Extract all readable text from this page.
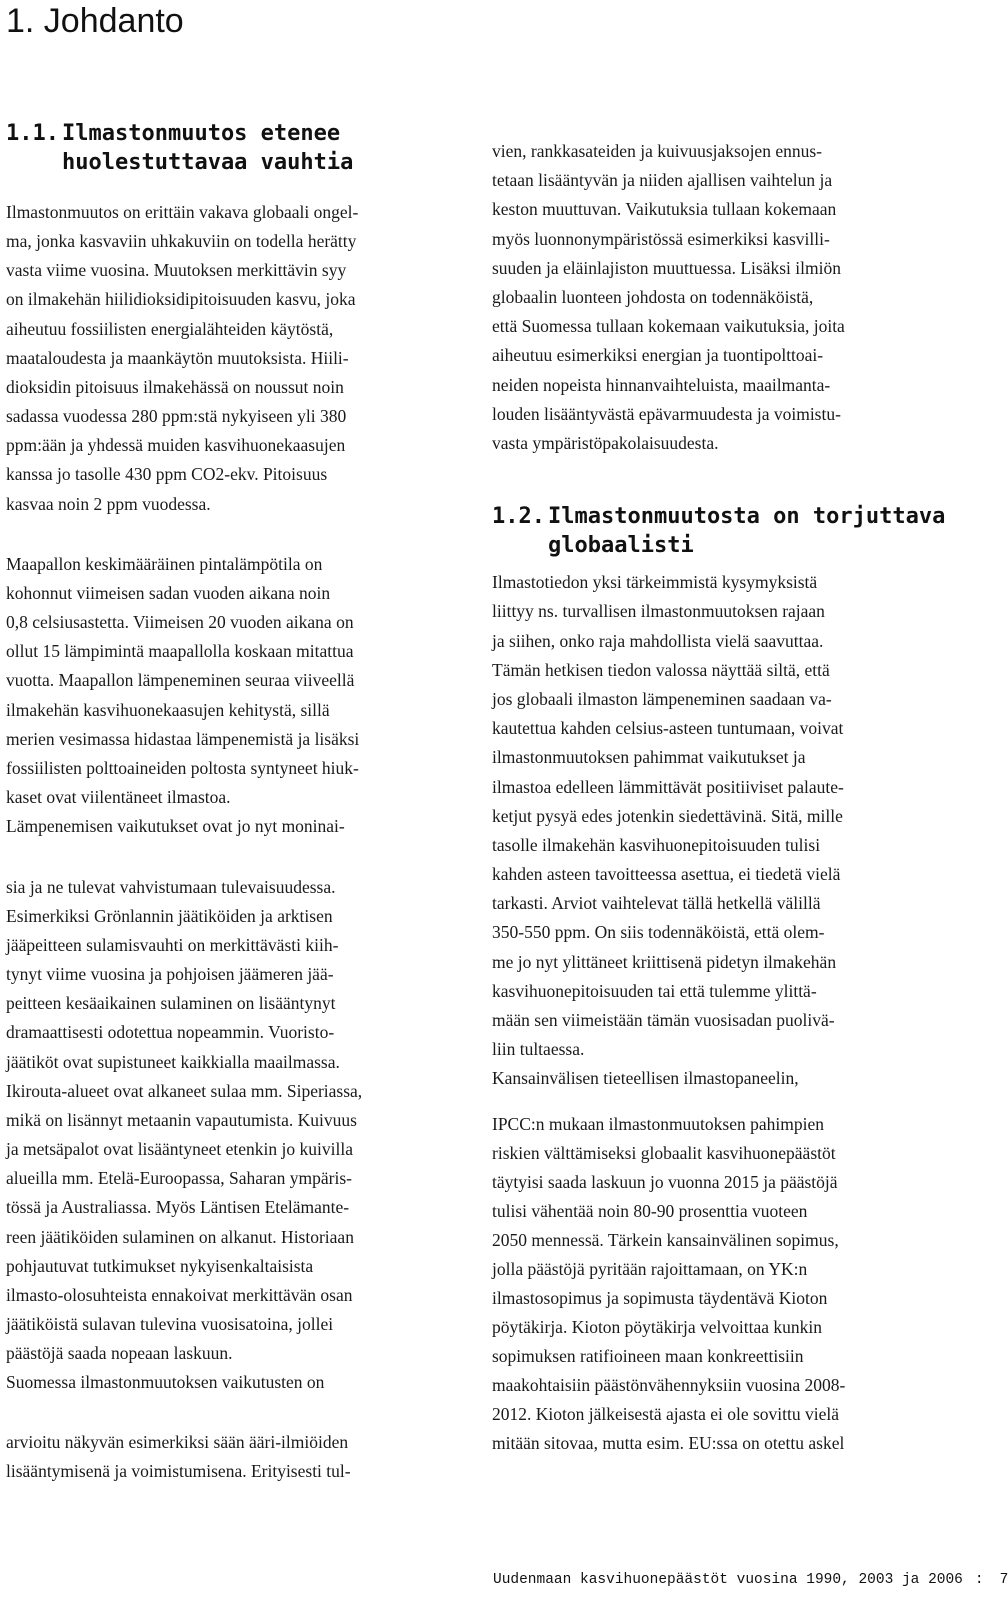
1. Johdanto
1.1. Ilmastonmuutos etenee
huolestuttavaa vauhtia
1.2. Ilmastonmuutosta on torjuttava
globaalisti
Ilmastonmuutos on erittäin vakava globaali ongel-
ma, jonka kasvaviin uhkakuviin on todella herätty
vasta viime vuosina. Muutoksen merkittävin syy
on ilmakehän hiilidioksidipitoisuuden kasvu, joka
aiheutuu fossiilisten energialähteiden käytöstä,
maataloudesta ja maankäytön muutoksista. Hiili-
dioksidin pitoisuus ilmakehässä on noussut noin
sadassa vuodessa 280 ppm:stä nykyiseen yli 380
ppm:ään ja yhdessä muiden kasvihuonekaasujen
kanssa jo tasolle 430 ppm CO2-ekv. Pitoisuus
kasvaa noin 2 ppm vuodessa.
Maapallon keskimääräinen pintalämpötila on
kohonnut viimeisen sadan vuoden aikana noin
0,8 celsiusastetta. Viimeisen 20 vuoden aikana on
ollut 15 lämpimintä maapallolla koskaan mitattua
vuotta. Maapallon lämpeneminen seuraa viiveellä
ilmakehän kasvihuonekaasujen kehitystä, sillä
merien vesimassa hidastaa lämpenemistä ja lisäksi
fossiilisten polttoaineiden poltosta syntyneet hiuk-
kaset ovat viilentäneet ilmastoa.
Lämpenemisen vaikutukset ovat jo nyt moninai-
sia ja ne tulevat vahvistumaan tulevaisuudessa.
Esimerkiksi Grönlannin jäätiköiden ja arktisen
jääpeitteen sulamisvauhti on merkittävästi kiih-
tynyt viime vuosina ja pohjoisen jäämeren jää-
peitteen kesäaikainen sulaminen on lisääntynyt
dramaattisesti odotettua nopeammin. Vuoristo-
jäätiköt ovat supistuneet kaikkialla maailmassa.
Ikirouta-alueet ovat alkaneet sulaa mm. Siperiassa,
mikä on lisännyt metaanin vapautumista. Kuivuus
ja metsäpalot ovat lisääntyneet etenkin jo kuivilla
alueilla mm. Etelä-Euroopassa, Saharan ympäris-
tössä ja Australiassa. Myös Läntisen Etelämante-
reen jäätiköiden sulaminen on alkanut. Historiaan
pohjautuvat tutkimukset nykyisenkaltaisista
ilmasto-olosuhteista ennakoivat merkittävän osan
jäätiköistä sulavan tulevina vuosisatoina, jollei
päästöjä saada nopeaan laskuun.
Suomessa ilmastonmuutoksen vaikutusten on
arvioitu näkyvän esimerkiksi sään ääri-ilmiöiden
lisääntymisenä ja voimistumisena. Erityisesti tul-
vien, rankkasateiden ja kuivuusjaksojen ennus-
tetaan lisääntyvän ja niiden ajallisen vaihtelun ja
keston muuttuvan. Vaikutuksia tullaan kokemaan
myös luonnonympäristössä esimerkiksi kasvilli-
suuden ja eläinlajiston muuttuessa. Lisäksi ilmiön
globaalin luonteen johdosta on todennäköistä,
että Suomessa tullaan kokemaan vaikutuksia, joita
aiheutuu esimerkiksi energian ja tuontipolttoai-
neiden nopeista hinnanvaihteluista, maailmanta-
louden lisääntyvästä epävarmuudesta ja voimistu-
vasta ympäristöpakolaisuudesta.
Ilmastotiedon yksi tärkeimmistä kysymyksistä
liittyy ns. turvallisen ilmastonmuutoksen rajaan
ja siihen, onko raja mahdollista vielä saavuttaa.
Tämän hetkisen tiedon valossa näyttää siltä, että
jos globaali ilmaston lämpeneminen saadaan va-
kautettua kahden celsius-asteen tuntumaan, voivat
ilmastonmuutoksen pahimmat vaikutukset ja
ilmastoa edelleen lämmittävät positiiviset palaute-
ketjut pysyä edes jotenkin siedettävinä. Sitä, mille
tasolle ilmakehän kasvihuonepitoisuuden tulisi
kahden asteen tavoitteessa asettua, ei tiedetä vielä
tarkasti. Arviot vaihtelevat tällä hetkellä välillä
350-550 ppm. On siis todennäköistä, että olem-
me jo nyt ylittäneet kriittisenä pidetyn ilmakehän
kasvihuonepitoisuuden tai että tulemme ylittä-
mään sen viimeistään tämän vuosisadan puolivä-
liin tultaessa.
Kansainvälisen tieteellisen ilmastopaneelin,
IPCC:n mukaan ilmastonmuutoksen pahimpien
riskien välttämiseksi globaalit kasvihuonepäästöt
täytyisi saada laskuun jo vuonna 2015 ja päästöjä
tulisi vähentää noin 80-90 prosenttia vuoteen
2050 mennessä. Tärkein kansainvälinen sopimus,
jolla päästöjä pyritään rajoittamaan, on YK:n
ilmastosopimus ja sopimusta täydentävä Kioton
pöytäkirja. Kioton pöytäkirja velvoittaa kunkin
sopimuksen ratifioineen maan konkreettisiin
maakohtaisiin päästönvähennyksiin vuosina 2008-
2012. Kioton jälkeisestä ajasta ei ole sovittu vielä
mitään sitovaa, mutta esim. EU:ssa on otettu askel
Uudenmaan kasvihuonepäästöt vuosina 1990, 2003 ja 2006 : 7
